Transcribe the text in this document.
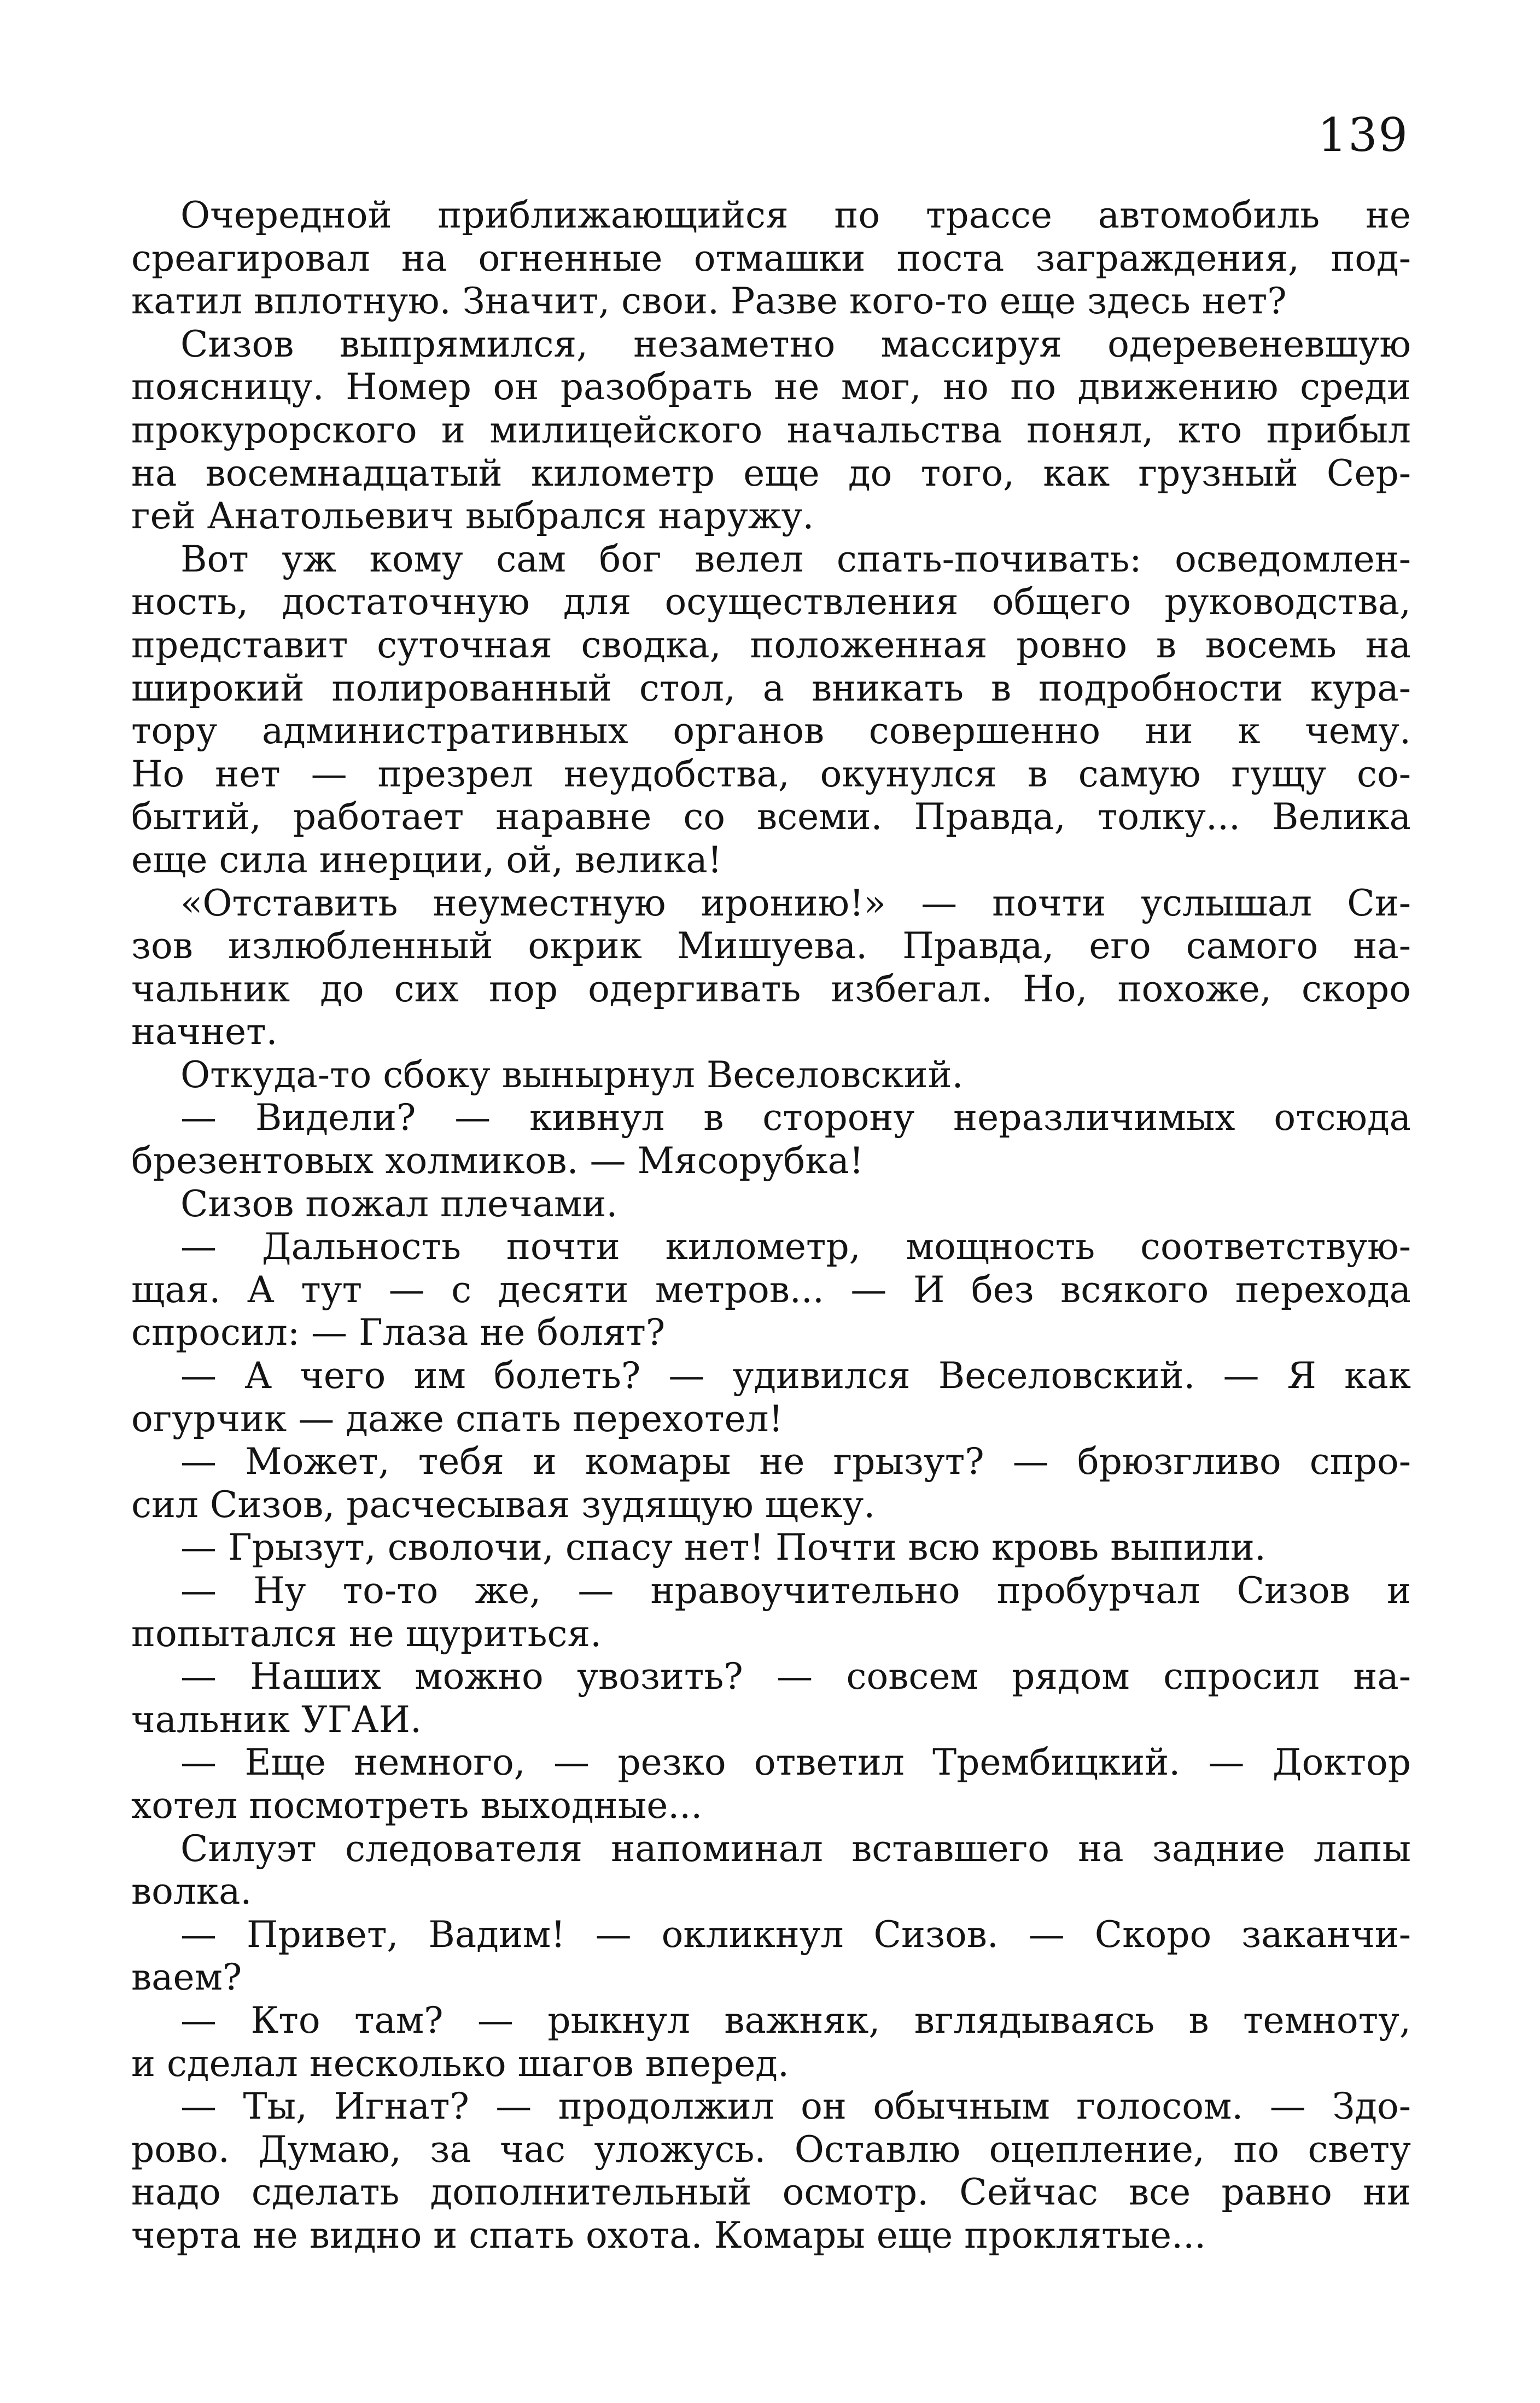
139
Очередной приближающийся по трассе автомобиль не
среагировал на огненные отмашки поста заграждения, под-
катил вплотную. Значит, свои. Разве кого-то еще здесь нет?
Сизов выпрямился, незаметно массируя одеревеневшую
поясницу. Номер он разобрать не мог, но по движению среди
прокурорского и милицейского начальства понял, кто прибыл
на восемнадцатый километр еще до того, как грузный Сер-
гей Анатольевич выбрался наружу.
Вот уж кому сам бог велел спать-почивать: осведомлен-
ность, достаточную для осуществления общего руководства,
представит суточная сводка, положенная ровно в восемь на
широкий полированный стол, а вникать в подробности кура-
тору административных органов совершенно ни к чему.
Но нет — презрел неудобства, окунулся в самую гущу со-
бытий, работает наравне со всеми. Правда, толку... Велика
еще сила инерции, ой, велика!
«Отставить неуместную иронию!» — почти услышал Си-
зов излюбленный окрик Мишуева. Правда, его самого на-
чальник до сих пор одергивать избегал. Но, похоже, скоро
начнет.
Откуда-то сбоку вынырнул Веселовский.
— Видели? — кивнул в сторону неразличимых отсюда
брезентовых холмиков. — Мясорубка!
Сизов пожал плечами.
— Дальность почти километр, мощность соответствую-
щая. А тут — с десяти метров... — И без всякого перехода
спросил: — Глаза не болят?
— А чего им болеть? — удивился Веселовский. — Я как
огурчик — даже спать перехотел!
— Может, тебя и комары не грызут? — брюзгливо спро-
сил Сизов, расчесывая зудящую щеку.
— Грызут, сволочи, спасу нет! Почти всю кровь выпили.
— Ну то-то же, — нравоучительно пробурчал Сизов и
попытался не щуриться.
— Наших можно увозить? — совсем рядом спросил на-
чальник УГАИ.
— Еще немного, — резко ответил Трембицкий. — Доктор
хотел посмотреть выходные...
Силуэт следователя напоминал вставшего на задние лапы
волка.
— Привет, Вадим! — окликнул Сизов. — Скоро заканчи-
ваем?
— Кто там? — рыкнул важняк, вглядываясь в темноту,
и сделал несколько шагов вперед.
— Ты, Игнат? — продолжил он обычным голосом. — Здо-
рово. Думаю, за час уложусь. Оставлю оцепление, по свету
надо сделать дополнительный осмотр. Сейчас все равно ни
черта не видно и спать охота. Комары еще проклятые...
